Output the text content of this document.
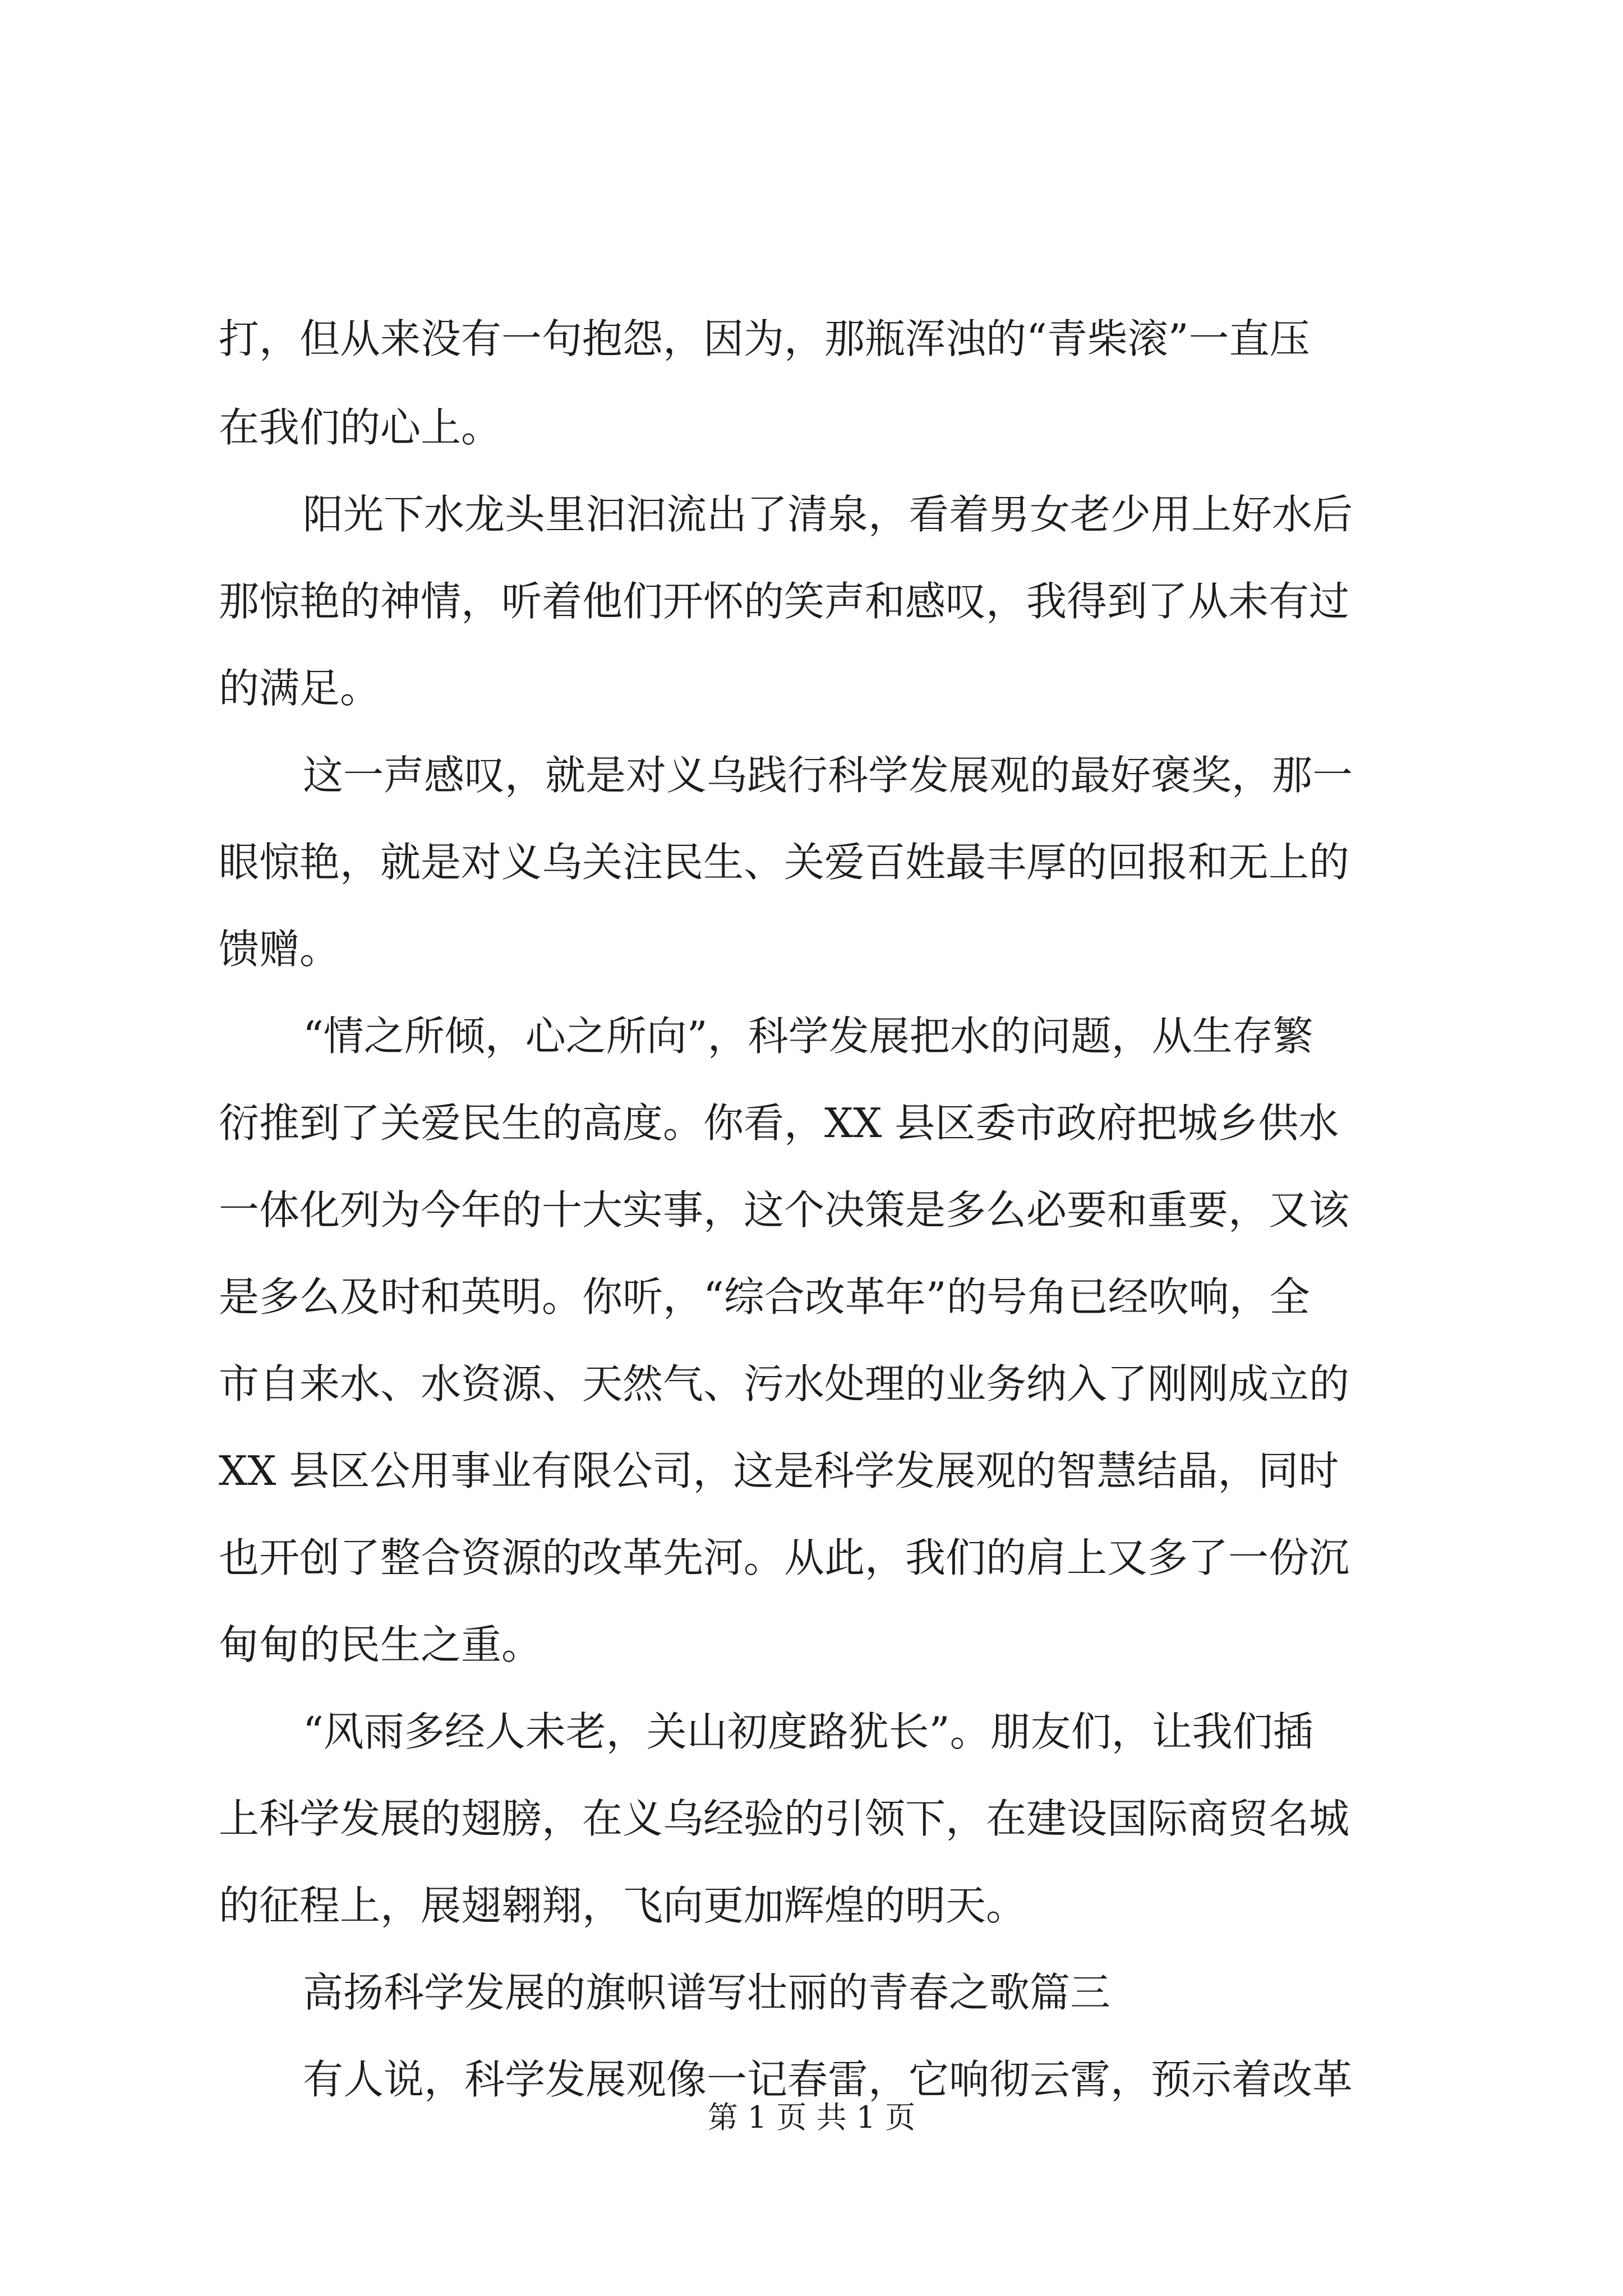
打，但从来没有一句抱怨，因为，那瓶浑浊的“青柴滚”一直压
在我们的心上。
阳光下水龙头里汩汩流出了清泉，看着男女老少用上好水后
那惊艳的神情，听着他们开怀的笑声和感叹，我得到了从未有过
的满足。
这一声感叹，就是对义乌践行科学发展观的最好褒奖，那一
眼惊艳，就是对义乌关注民生、关爱百姓最丰厚的回报和无上的
馈赠。
“情之所倾，心之所向”，科学发展把水的问题，从生存繁
衍推到了关爱民生的高度。你看，XX 县区委市政府把城乡供水
一体化列为今年的十大实事，这个决策是多么必要和重要，又该
是多么及时和英明。你听，“综合改革年”的号角已经吹响，全
市自来水、水资源、天然气、污水处理的业务纳入了刚刚成立的
XX 县区公用事业有限公司，这是科学发展观的智慧结晶，同时
也开创了整合资源的改革先河。从此，我们的肩上又多了一份沉
甸甸的民生之重。
“风雨多经人未老，关山初度路犹长”。朋友们，让我们插
上科学发展的翅膀，在义乌经验的引领下，在建设国际商贸名城
的征程上，展翅翱翔，飞向更加辉煌的明天。
高扬科学发展的旗帜谱写壮丽的青春之歌篇三
有人说，科学发展观像一记春雷，它响彻云霄，预示着改革
第 1 页 共 1 页
